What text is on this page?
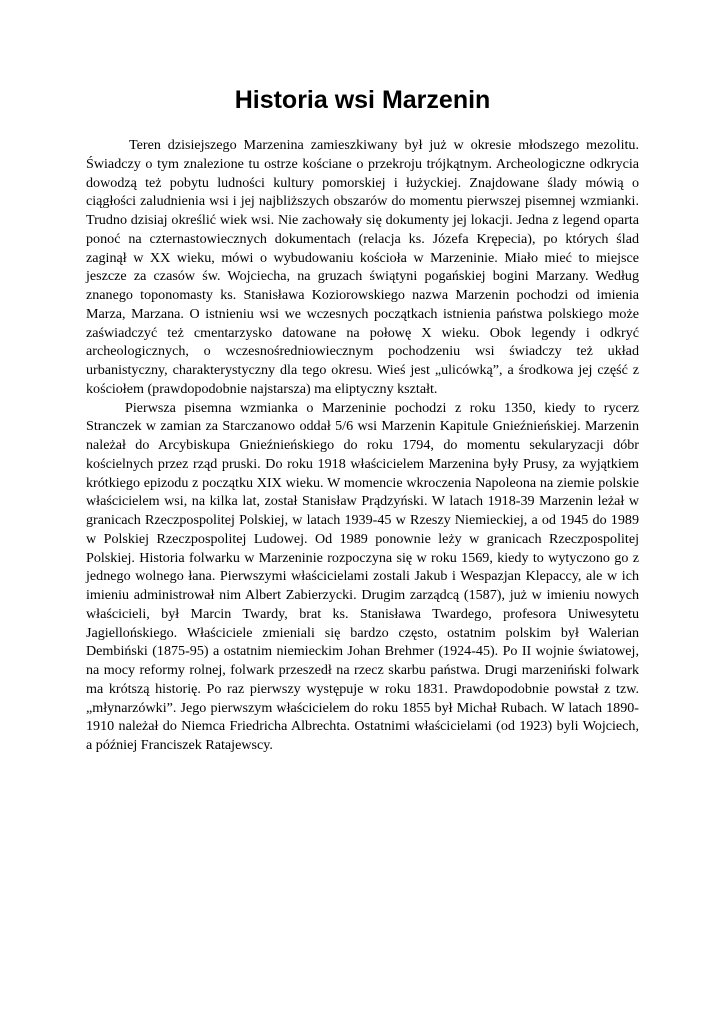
Historia wsi Marzenin

Teren dzisiejszego Marzenina zamieszkiwany był już w okresie młodszego mezolitu. Świadczy o tym znalezione tu ostrze kościane o przekroju trójkątnym. Archeologiczne odkrycia dowodzą też pobytu ludności kultury pomorskiej i łużyckiej. Znajdowane ślady mówią o ciągłości zaludnienia wsi i jej najbliższych obszarów do momentu pierwszej pisemnej wzmianki. Trudno dzisiaj określić wiek wsi. Nie zachowały się dokumenty jej lokacji. Jedna z legend oparta ponoć na czternastowiecznych dokumentach (relacja ks. Józefa Krępecia), po których ślad zaginął w XX wieku, mówi o wybudowaniu kościoła w Marzeninie. Miało mieć to miejsce jeszcze za czasów św. Wojciecha, na gruzach świątyni pogańskiej bogini Marzany. Według znanego toponomasty ks. Stanisława Koziorowskiego nazwa Marzenin pochodzi od imienia Marza, Marzana. O istnieniu wsi we wczesnych początkach istnienia państwa polskiego może zaświadczyć też cmentarzysko datowane na połowę X wieku. Obok legendy i odkryć archeologicznych, o wczesnośredniowiecznym pochodzeniu wsi świadczy też układ urbanistyczny, charakterystyczny dla tego okresu. Wieś jest „ulicówką”, a środkowa jej część z kościołem (prawdopodobnie najstarsza) ma eliptyczny kształt.

Pierwsza pisemna wzmianka o Marzeninie pochodzi z roku 1350, kiedy to rycerz Stranczek w zamian za Starczanowo oddał 5/6 wsi Marzenin Kapitule Gnieźnieńskiej. Marzenin należał do Arcybiskupa Gnieźnieńskiego do roku 1794, do momentu sekularyzacji dóbr kościelnych przez rząd pruski. Do roku 1918 właścicielem Marzenina były Prusy, za wyjątkiem krótkiego epizodu z początku XIX wieku. W momencie wkroczenia Napoleona na ziemie polskie właścicielem wsi, na kilka lat, został Stanisław Prądzyński. W latach 1918-39 Marzenin leżał w granicach Rzeczpospolitej Polskiej, w latach 1939-45 w Rzeszy Niemieckiej, a od 1945 do 1989 w Polskiej Rzeczpospolitej Ludowej. Od 1989 ponownie leży w granicach Rzeczpospolitej Polskiej. Historia folwarku w Marzeninie rozpoczyna się w roku 1569, kiedy to wytyczono go z jednego wolnego łana. Pierwszymi właścicielami zostali Jakub i Wespazjan Klepaccy, ale w ich imieniu administrował nim Albert Zabierzycki. Drugim zarządcą (1587), już w imieniu nowych właścicieli, był Marcin Twardy, brat ks. Stanisława Twardego, profesora Uniwesytetu Jagiellońskiego. Właściciele zmieniali się bardzo często, ostatnim polskim był Walerian Dembiński (1875-95) a ostatnim niemieckim Johan Brehmer (1924-45). Po II wojnie światowej, na mocy reformy rolnej, folwark przeszedł na rzecz skarbu państwa. Drugi marzeniński folwark ma krótszą historię. Po raz pierwszy występuje w roku 1831. Prawdopodobnie powstał z tzw. „młynarzówki”. Jego pierwszym właścicielem do roku 1855 był Michał Rubach. W latach 1890-1910 należał do Niemca Friedricha Albrechta. Ostatnimi właścicielami (od 1923) byli Wojciech, a później Franciszek Ratajewscy.
